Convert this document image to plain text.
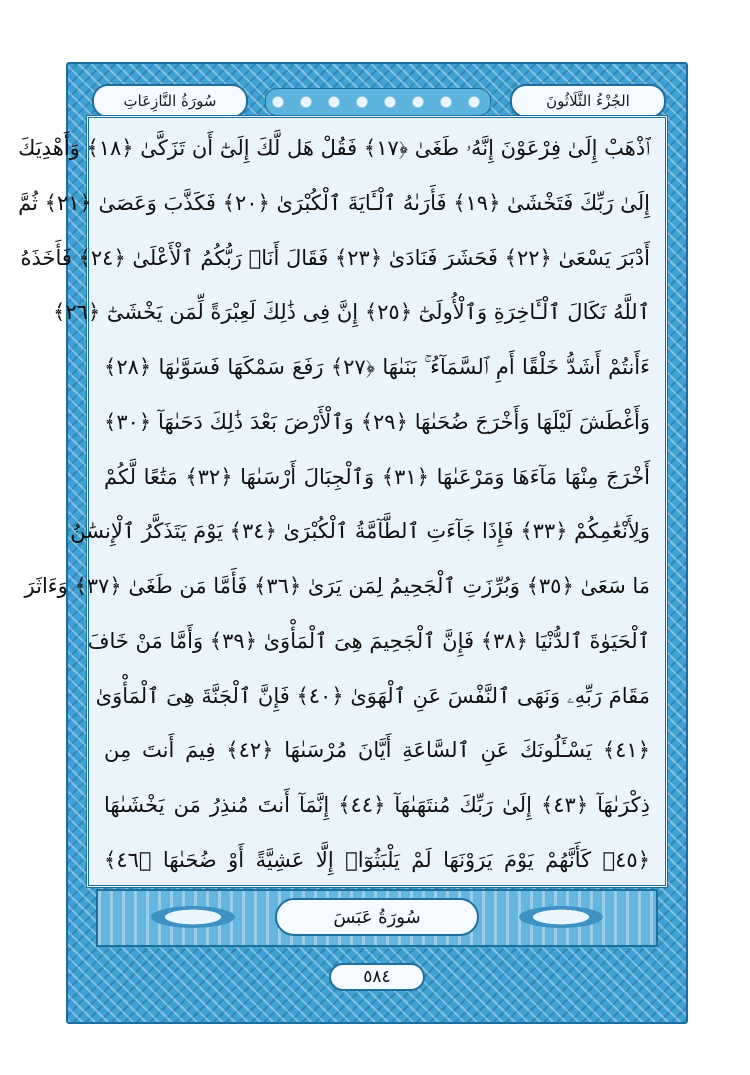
سُورَةُ النَّازِعَاتِ	الجُزْءُ الثَّلَاثُونَ
ٱذْهَبْ إِلَىٰ فِرْعَوْنَ إِنَّهُۥ طَغَىٰ ﴿١٧﴾ فَقُلْ هَل لَّكَ إِلَىٰٓ أَن تَزَكَّىٰ ﴿١٨﴾ وَأَهْدِيَكَ
إِلَىٰ رَبِّكَ فَتَخْشَىٰ ﴿١٩﴾ فَأَرَىٰهُ ٱلْـَٔايَةَ ٱلْكُبْرَىٰ ﴿٢٠﴾ فَكَذَّبَ وَعَصَىٰ ﴿٢١﴾ ثُمَّ
أَدْبَرَ يَسْعَىٰ ﴿٢٢﴾ فَحَشَرَ فَنَادَىٰ ﴿٢٣﴾ فَقَالَ أَنَا۠ رَبُّكُمُ ٱلْأَعْلَىٰ ﴿٢٤﴾ فَأَخَذَهُ
ٱللَّهُ نَكَالَ ٱلْـَٔاخِرَةِ وَٱلْأُولَىٰٓ ﴿٢٥﴾ إِنَّ فِى ذَٰلِكَ لَعِبْرَةً لِّمَن يَخْشَىٰٓ ﴿٢٦﴾
ءَأَنتُمْ أَشَدُّ خَلْقًا أَمِ ٱلسَّمَآءُ ۚ بَنَىٰهَا ﴿٢٧﴾ رَفَعَ سَمْكَهَا فَسَوَّىٰهَا ﴿٢٨﴾
وَأَغْطَشَ لَيْلَهَا وَأَخْرَجَ ضُحَىٰهَا ﴿٢٩﴾ وَٱلْأَرْضَ بَعْدَ ذَٰلِكَ دَحَىٰهَآ ﴿٣٠﴾
أَخْرَجَ مِنْهَا مَآءَهَا وَمَرْعَىٰهَا ﴿٣١﴾ وَٱلْجِبَالَ أَرْسَىٰهَا ﴿٣٢﴾ مَتَٰعًا لَّكُمْ
وَلِأَنْعَٰمِكُمْ ﴿٣٣﴾ فَإِذَا جَآءَتِ ٱلطَّآمَّةُ ٱلْكُبْرَىٰ ﴿٣٤﴾ يَوْمَ يَتَذَكَّرُ ٱلْإِنسَٰنُ
مَا سَعَىٰ ﴿٣٥﴾ وَبُرِّزَتِ ٱلْجَحِيمُ لِمَن يَرَىٰ ﴿٣٦﴾ فَأَمَّا مَن طَغَىٰ ﴿٣٧﴾ وَءَاثَرَ
ٱلْحَيَوٰةَ ٱلدُّنْيَا ﴿٣٨﴾ فَإِنَّ ٱلْجَحِيمَ هِىَ ٱلْمَأْوَىٰ ﴿٣٩﴾ وَأَمَّا مَنْ خَافَ
مَقَامَ رَبِّهِۦ وَنَهَى ٱلنَّفْسَ عَنِ ٱلْهَوَىٰ ﴿٤٠﴾ فَإِنَّ ٱلْجَنَّةَ هِىَ ٱلْمَأْوَىٰ
﴿٤١﴾ يَسْـَٔلُونَكَ عَنِ ٱلسَّاعَةِ أَيَّانَ مُرْسَىٰهَا ﴿٤٢﴾ فِيمَ أَنتَ مِن
ذِكْرَىٰهَآ ﴿٤٣﴾ إِلَىٰ رَبِّكَ مُنتَهَىٰهَآ ﴿٤٤﴾ إِنَّمَآ أَنتَ مُنذِرُ مَن يَخْشَىٰهَا
﴿٤٥﴾ كَأَنَّهُمْ يَوْمَ يَرَوْنَهَا لَمْ يَلْبَثُوٓا۟ إِلَّا عَشِيَّةً أَوْ ضُحَىٰهَا ﴿٤٦﴾
سُورَةُ عَبَسَ
٥٨٤
